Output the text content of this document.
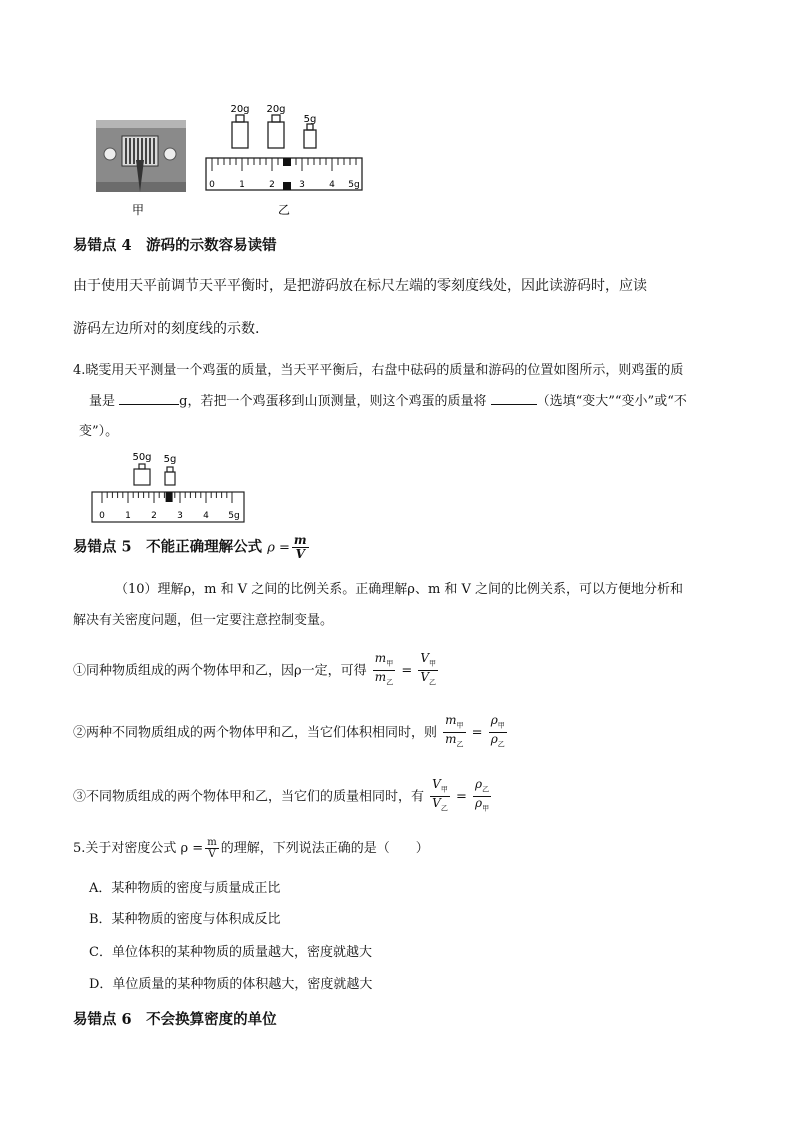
甲
20g 20g
5g
0	1	2	3	4 5g
乙
易错点 4　游码的示数容易读错
由于使用天平前调节天平平衡时，是把游码放在标尺左端的零刻度线处，因此读游码时，应读
游码左边所对的刻度线的示数.
4.晓雯用天平测量一个鸡蛋的质量，当天平平衡后，右盘中砝码的质量和游码的位置如图所示，则鸡蛋的质
量是	g，若把一个鸡蛋移到山顶测量，则这个鸡蛋的质量将	（选填“变大”“变小”或“不
变”）。
50g 5g
0 1 2 3 4 5g
易错点 5　不能正确理解公式 $\rho = \frac{m}{V}$
（10）理解ρ，m 和 V 之间的比例关系。正确理解ρ、m 和 V 之间的比例关系，可以方便地分析和
解决有关密度问题，但一定要注意控制变量。
①同种物质组成的两个物体甲和乙，因ρ一定，可得 $\frac{m_甲}{m_乙} = \frac{V_甲}{V_乙}$
②两种不同物质组成的两个物体甲和乙，当它们体积相同时，则 $\frac{m_甲}{m_乙} = \frac{\rho_甲}{\rho_乙}$
③不同物质组成的两个物体甲和乙，当它们的质量相同时，有 $\frac{V_甲}{V_乙} = \frac{\rho_乙}{\rho_甲}$
5.关于对密度公式 $\rho = \frac{m}{V}$ 的理解，下列说法正确的是（　　）
A．某种物质的密度与质量成正比
B．某种物质的密度与体积成反比
C．单位体积的某种物质的质量越大，密度就越大
D．单位质量的某种物质的体积越大，密度就越大
易错点 6　不会换算密度的单位
